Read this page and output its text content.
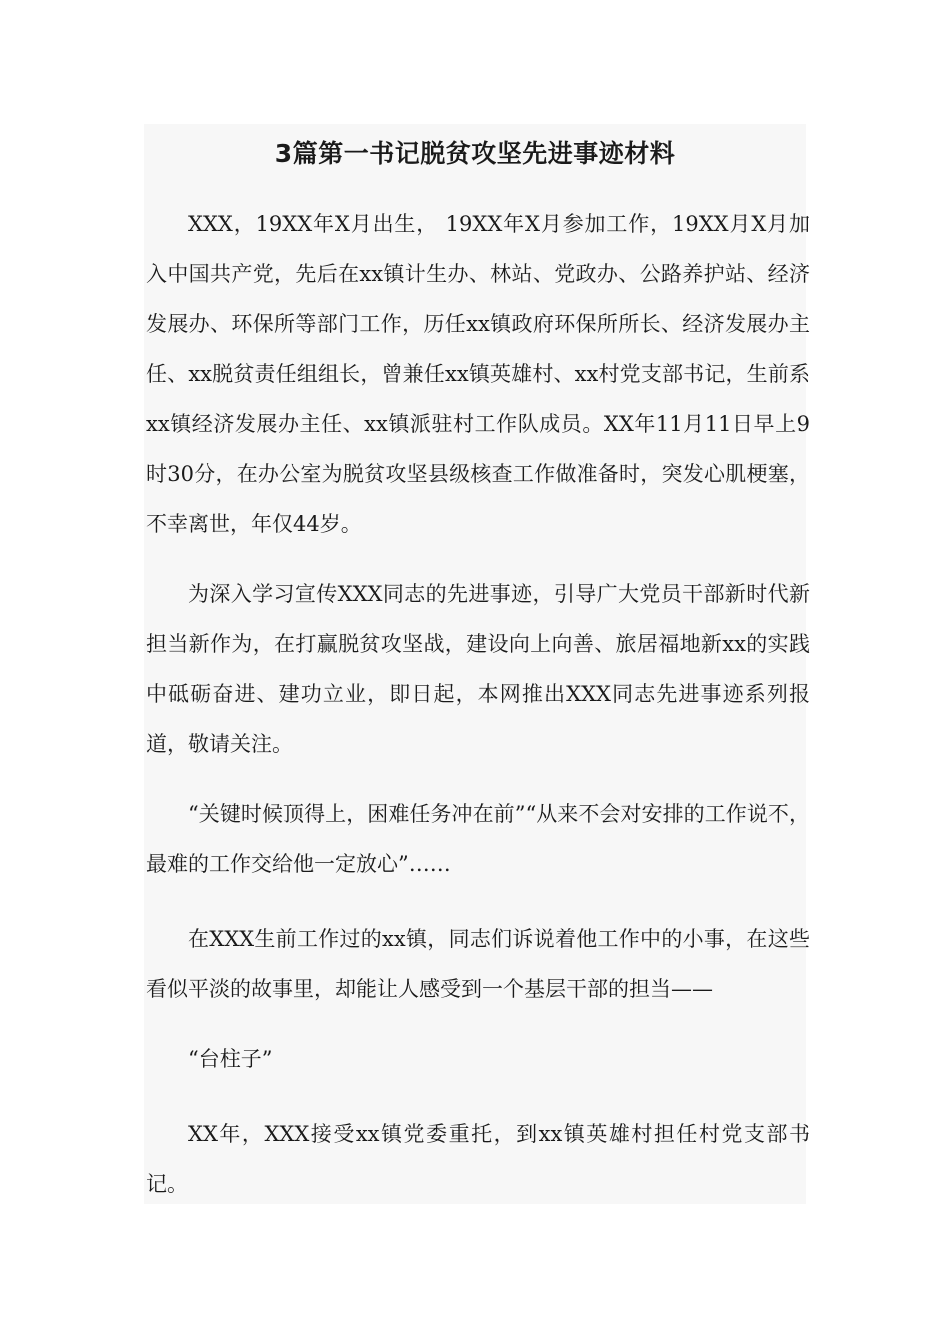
3篇第一书记脱贫攻坚先进事迹材料

XXX，19XX年X月出生， 19XX年X月参加工作，19XX月X月加入中国共产党，先后在xx镇计生办、林站、党政办、公路养护站、经济发展办、环保所等部门工作，历任xx镇政府环保所所长、经济发展办主任、xx脱贫责任组组长，曾兼任xx镇英雄村、xx村党支部书记，生前系xx镇经济发展办主任、xx镇派驻村工作队成员。XX年11月11日早上9时30分，在办公室为脱贫攻坚县级核查工作做准备时，突发心肌梗塞，不幸离世，年仅44岁。

为深入学习宣传XXX同志的先进事迹，引导广大党员干部新时代新担当新作为，在打赢脱贫攻坚战，建设向上向善、旅居福地新xx的实践中砥砺奋进、建功立业，即日起，本网推出XXX同志先进事迹系列报道，敬请关注。

“关键时候顶得上，困难任务冲在前”“从来不会对安排的工作说不，最难的工作交给他一定放心”……

在XXX生前工作过的xx镇，同志们诉说着他工作中的小事，在这些看似平淡的故事里，却能让人感受到一个基层干部的担当——

“台柱子”

XX年，XXX接受xx镇党委重托，到xx镇英雄村担任村党支部书记。
